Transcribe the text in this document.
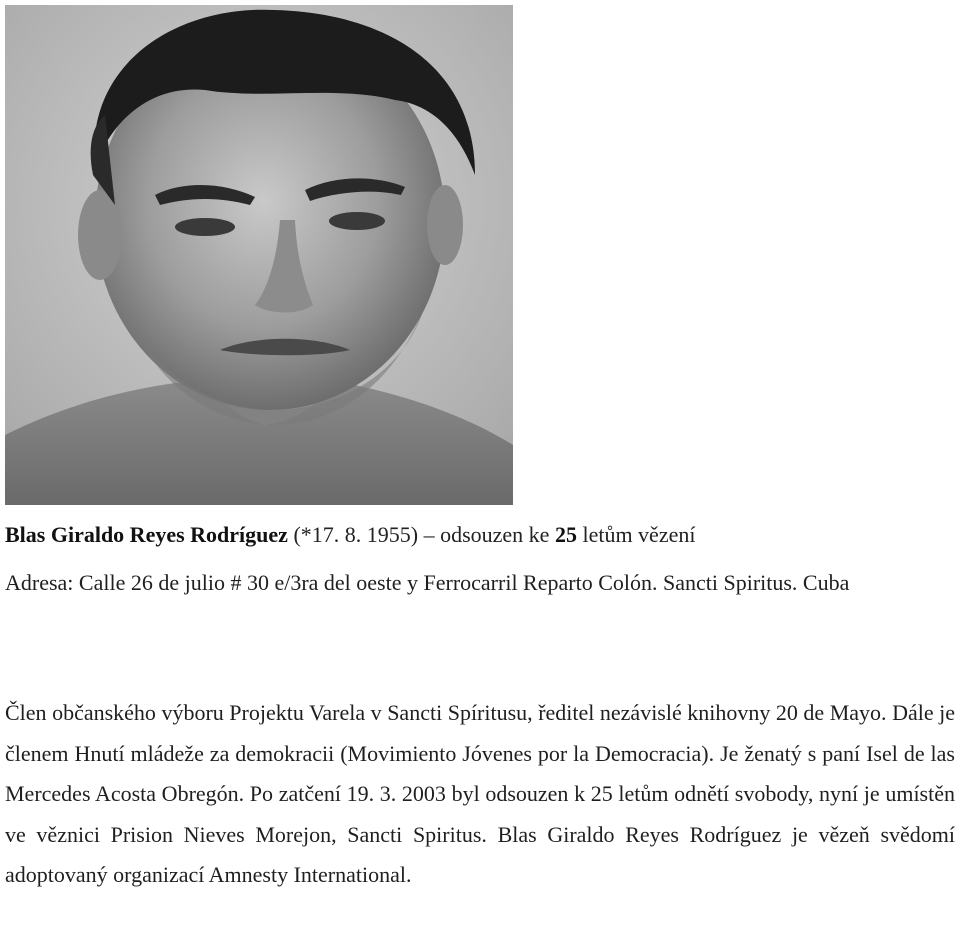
Blas Giraldo Reyes Rodríguez (*17. 8. 1955) – odsouzen ke 25 letům vězení
Adresa: Calle 26 de julio # 30 e/3ra del oeste y Ferrocarril Reparto Colón. Sancti Spiritus. Cuba
Člen občanského výboru Projektu Varela v Sancti Spíritusu, ředitel nezávislé knihovny 20 de Mayo. Dále je členem Hnutí mládeže za demokracii (Movimiento Jóvenes por la Democracia). Je ženatý s paní Isel de las Mercedes Acosta Obregón. Po zatčení 19. 3. 2003 byl odsouzen k 25 letům odnětí svobody, nyní je umístěn ve věznici Prision Nieves Morejon, Sancti Spiritus. Blas Giraldo Reyes Rodríguez je vězeň svědomí adoptovaný organizací Amnesty International.
